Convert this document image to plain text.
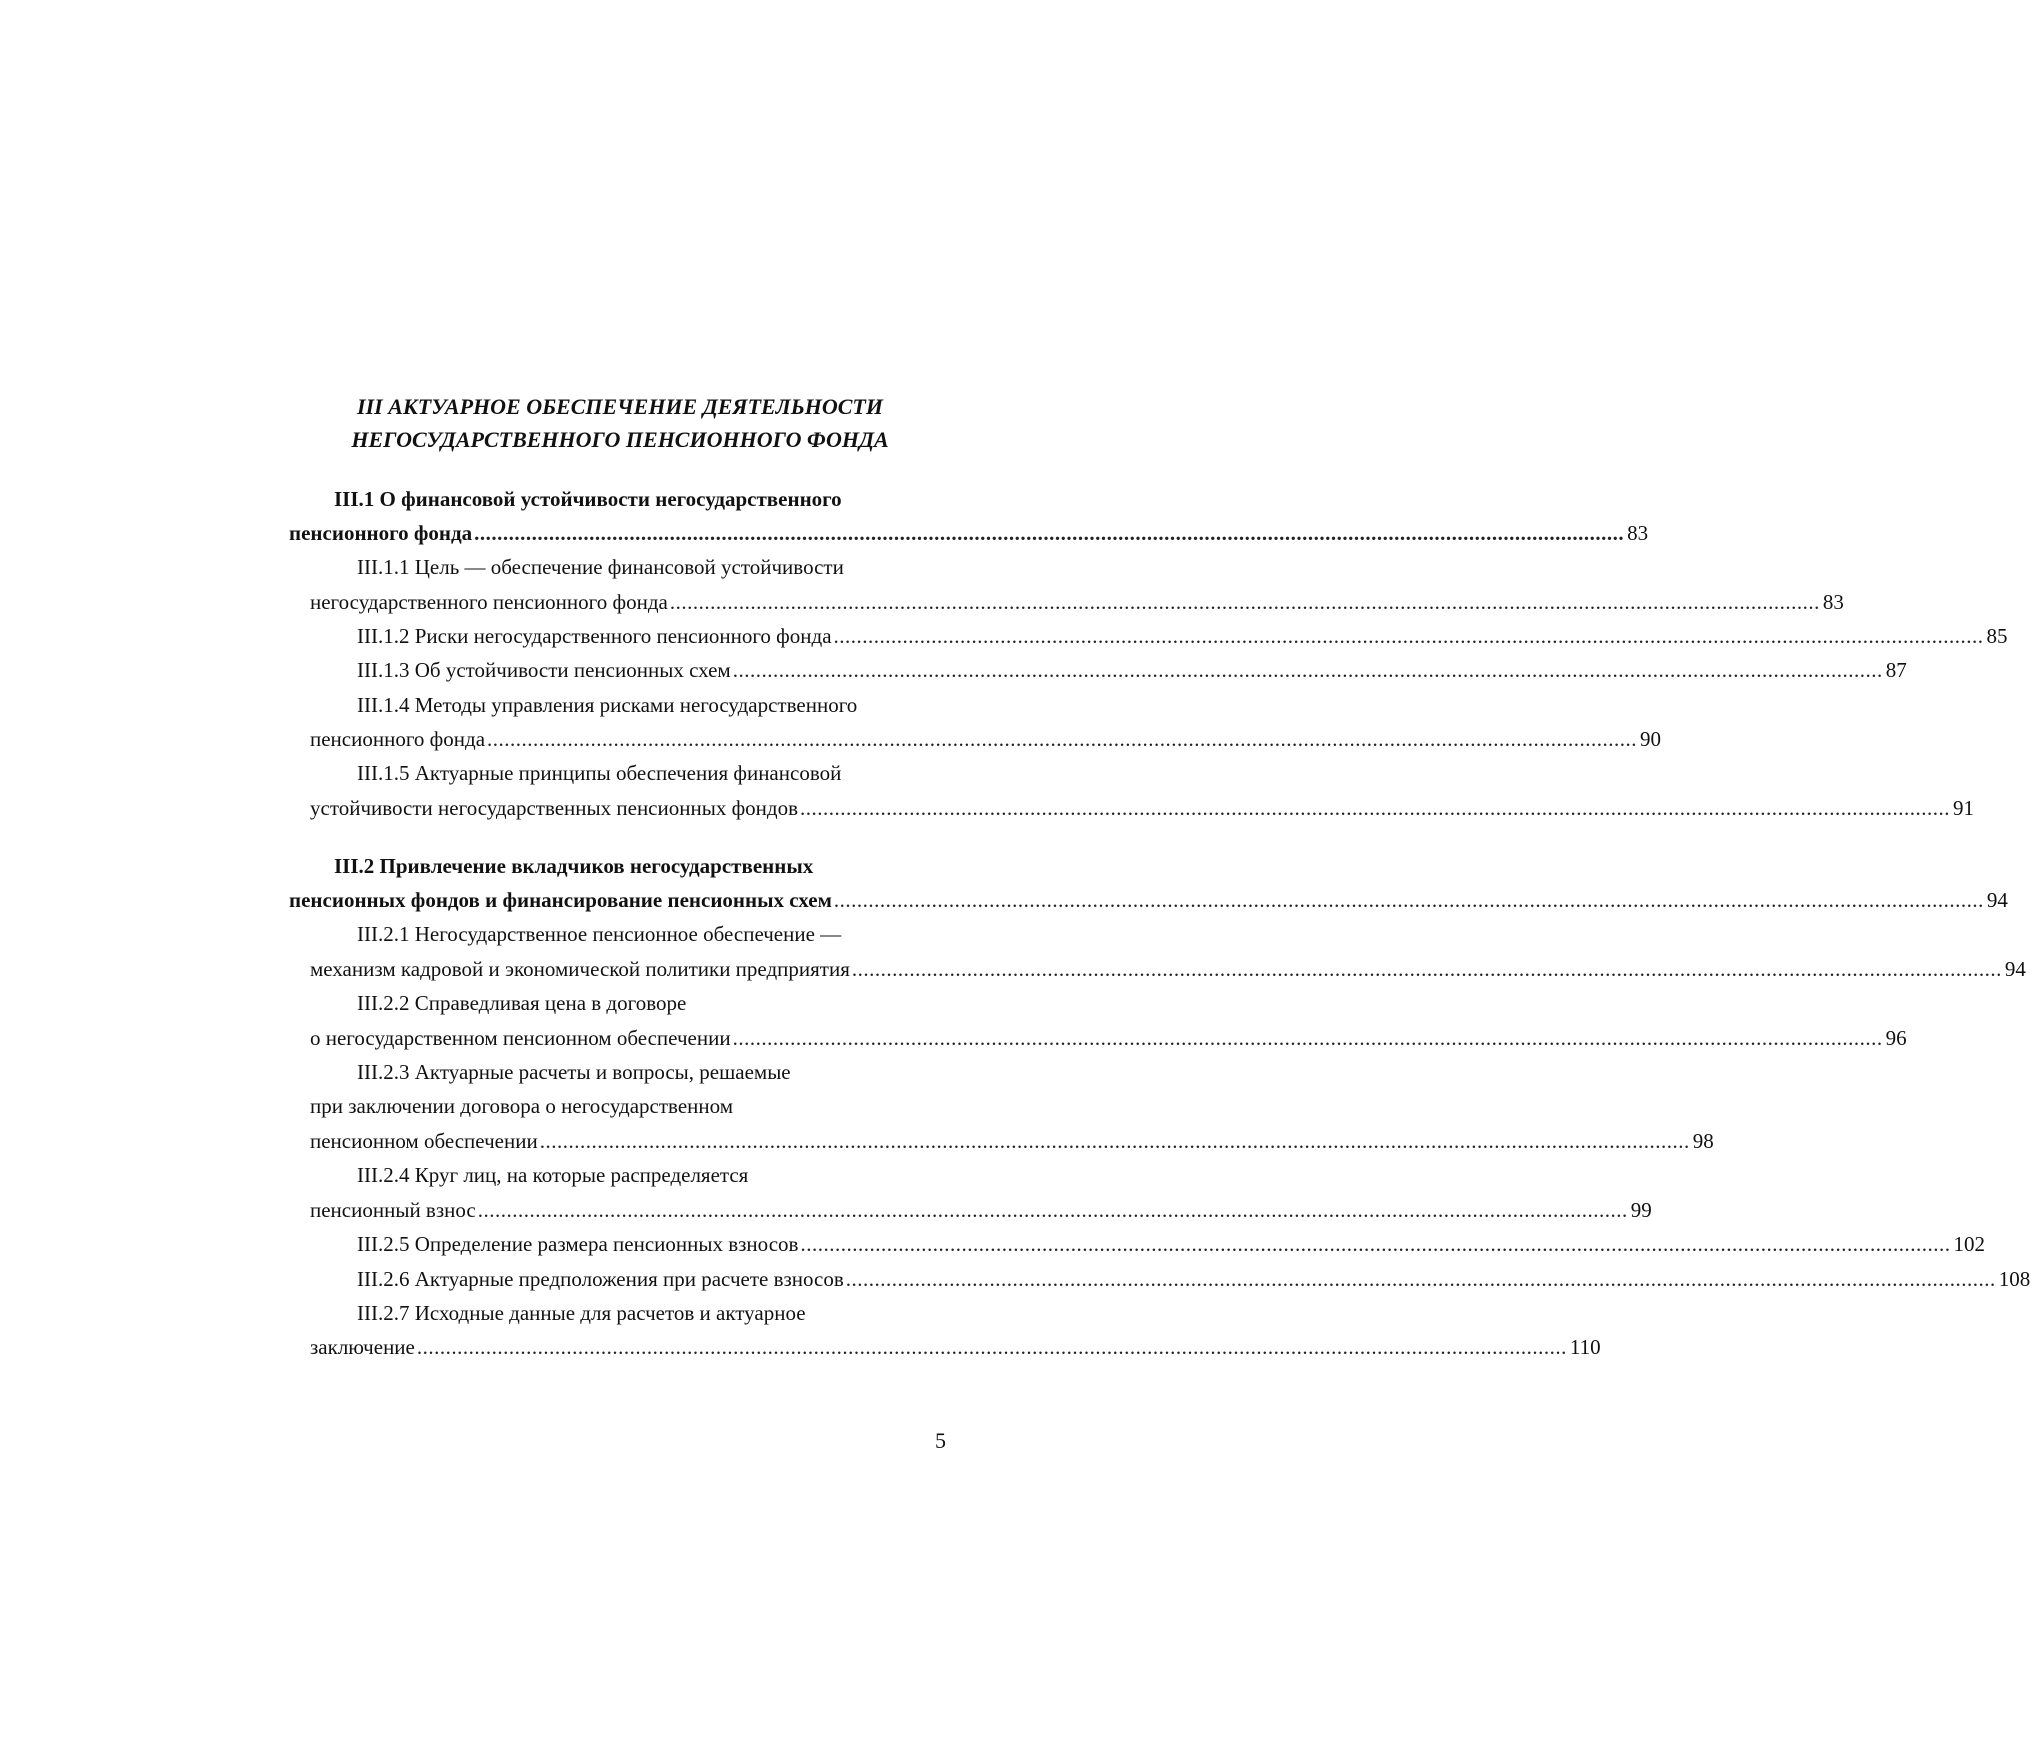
III АКТУАРНОЕ ОБЕСПЕЧЕНИЕ ДЕЯТЕЛЬНОСТИ
НЕГОСУДАРСТВЕННОГО ПЕНСИОННОГО ФОНДА
III.1 О финансовой устойчивости негосударственного
пенсионного фонда ........................................................................................................................................................................................................ 83
III.1.1 Цель — обеспечение финансовой устойчивости
негосударственного пенсионного фонда ........................................................................................................................................................................................................ 83
III.1.2 Риски негосударственного пенсионного фонда ........................................................................................................................................................................................................ 85
III.1.3 Об устойчивости пенсионных схем ........................................................................................................................................................................................................ 87
III.1.4 Методы управления рисками негосударственного
пенсионного фонда ........................................................................................................................................................................................................ 90
III.1.5 Актуарные принципы обеспечения финансовой
устойчивости негосударственных пенсионных фондов ........................................................................................................................................................................................................ 91
III.2 Привлечение вкладчиков негосударственных
пенсионных фондов и финансирование пенсионных схем ........................................................................................................................................................................................................ 94
III.2.1 Негосударственное пенсионное обеспечение —
механизм кадровой и экономической политики предприятия ........................................................................................................................................................................................................ 94
III.2.2 Справедливая цена в договоре
о негосударственном пенсионном обеспечении ........................................................................................................................................................................................................ 96
III.2.3 Актуарные расчеты и вопросы, решаемые
при заключении договора о негосударственном
пенсионном обеспечении ........................................................................................................................................................................................................ 98
III.2.4 Круг лиц, на которые распределяется
пенсионный взнос ........................................................................................................................................................................................................ 99
III.2.5 Определение размера пенсионных взносов ........................................................................................................................................................................................................ 102
III.2.6 Актуарные предположения при расчете взносов ........................................................................................................................................................................................................ 108
III.2.7 Исходные данные для расчетов и актуарное
заключение ........................................................................................................................................................................................................ 110
5
